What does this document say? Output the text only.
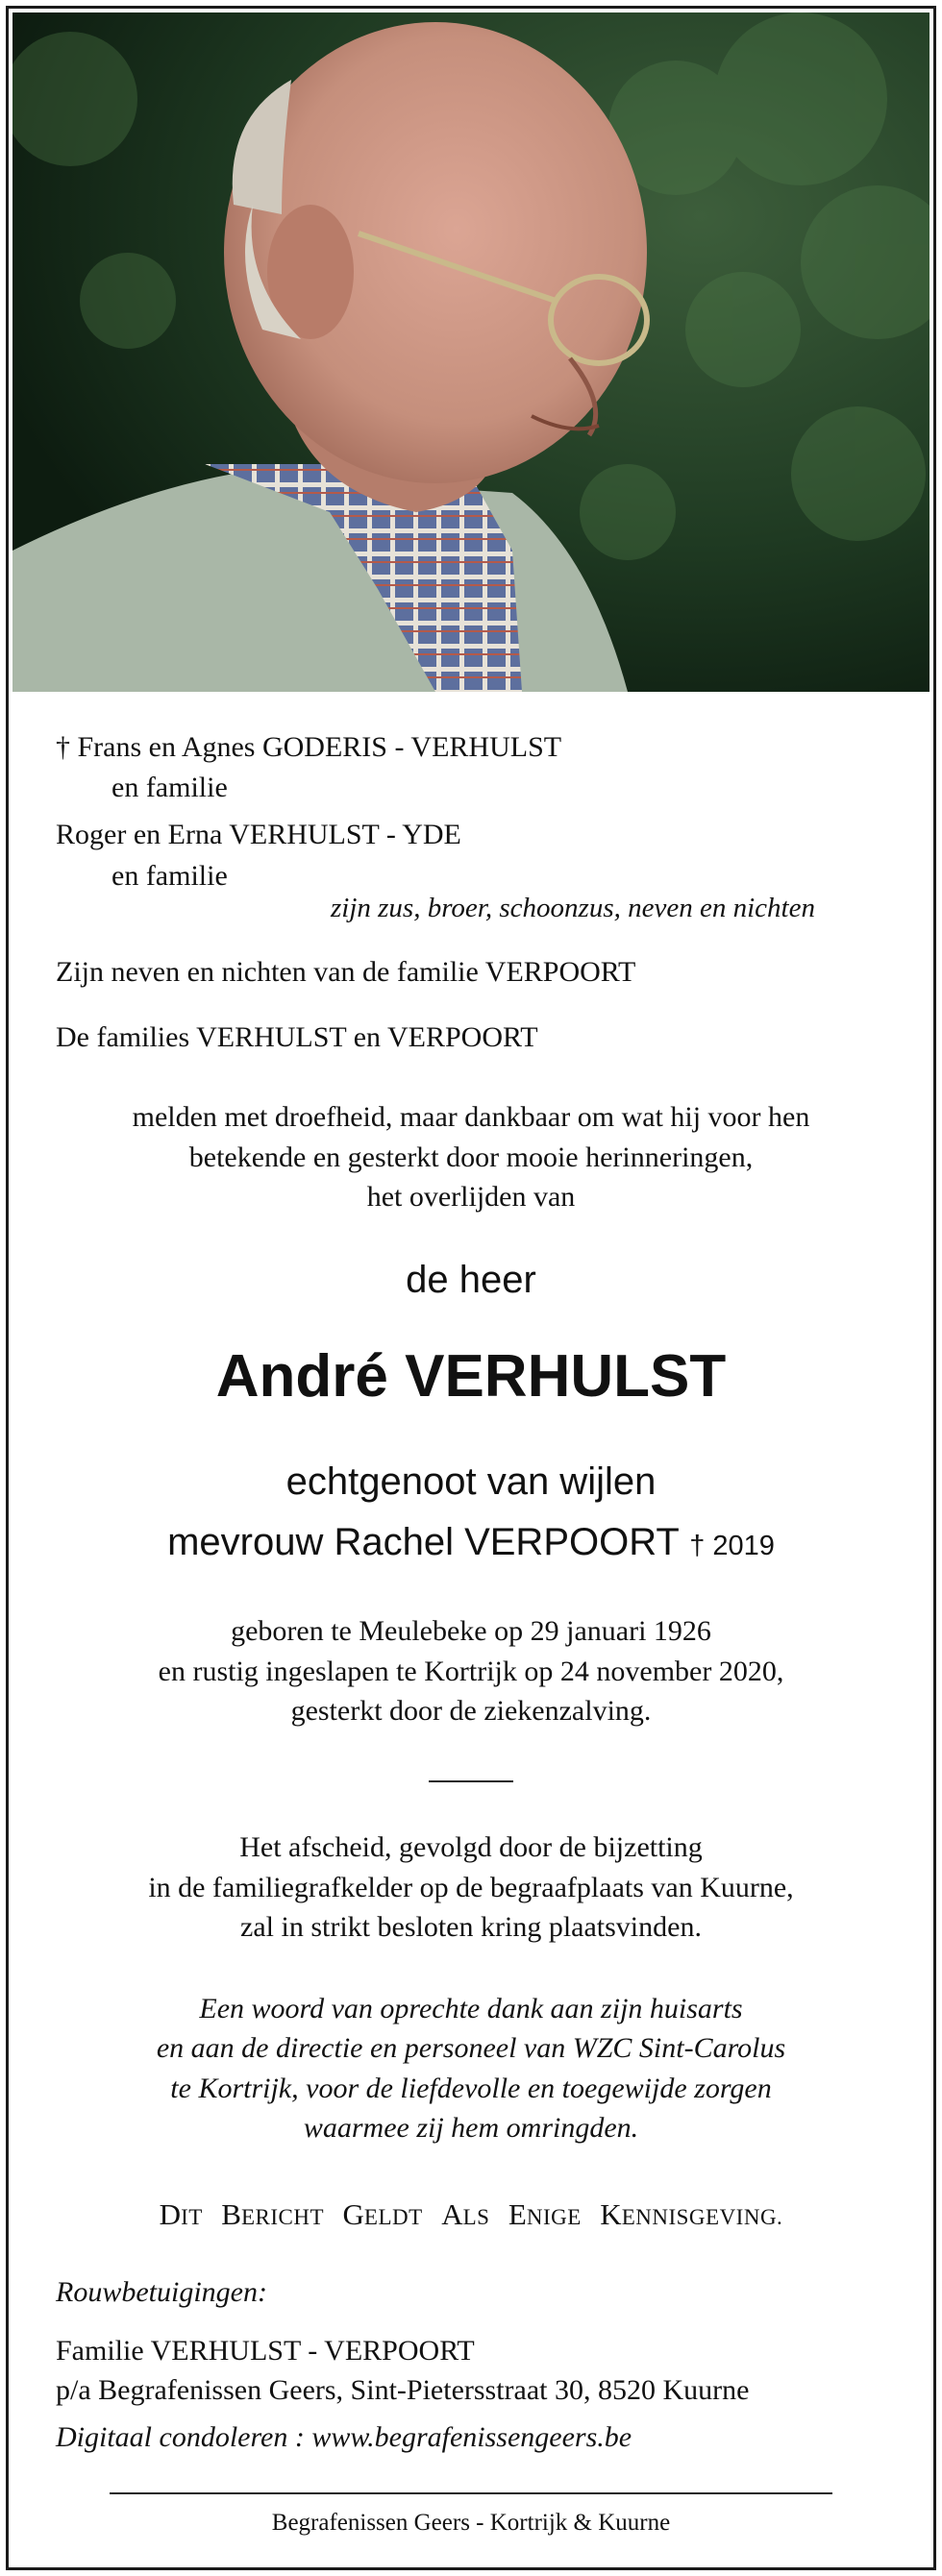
† Frans en Agnes GODERIS - VERHULST
en familie
Roger en Erna VERHULST - YDE
en familie
zijn zus, broer, schoonzus, neven en nichten
Zijn neven en nichten van de familie VERPOORT
De families VERHULST en VERPOORT
melden met droefheid, maar dankbaar om wat hij voor hen
betekende en gesterkt door mooie herinneringen,
het overlijden van
de heer
André VERHULST
echtgenoot van wijlen
mevrouw Rachel VERPOORT † 2019
geboren te Meulebeke op 29 januari 1926
en rustig ingeslapen te Kortrijk op 24 november 2020,
gesterkt door de ziekenzalving.
Het afscheid, gevolgd door de bijzetting
in de familiegrafkelder op de begraafplaats van Kuurne,
zal in strikt besloten kring plaatsvinden.
Een woord van oprechte dank aan zijn huisarts
en aan de directie en personeel van WZC Sint-Carolus
te Kortrijk, voor de liefdevolle en toegewijde zorgen
waarmee zij hem omringden.
DIT BERICHT GELDT ALS ENIGE KENNISGEVING.
Rouwbetuigingen:
Familie VERHULST - VERPOORT
p/a Begrafenissen Geers, Sint-Pietersstraat 30, 8520 Kuurne
Digitaal condoleren : www.begrafenissengeers.be
Begrafenissen Geers - Kortrijk & Kuurne
